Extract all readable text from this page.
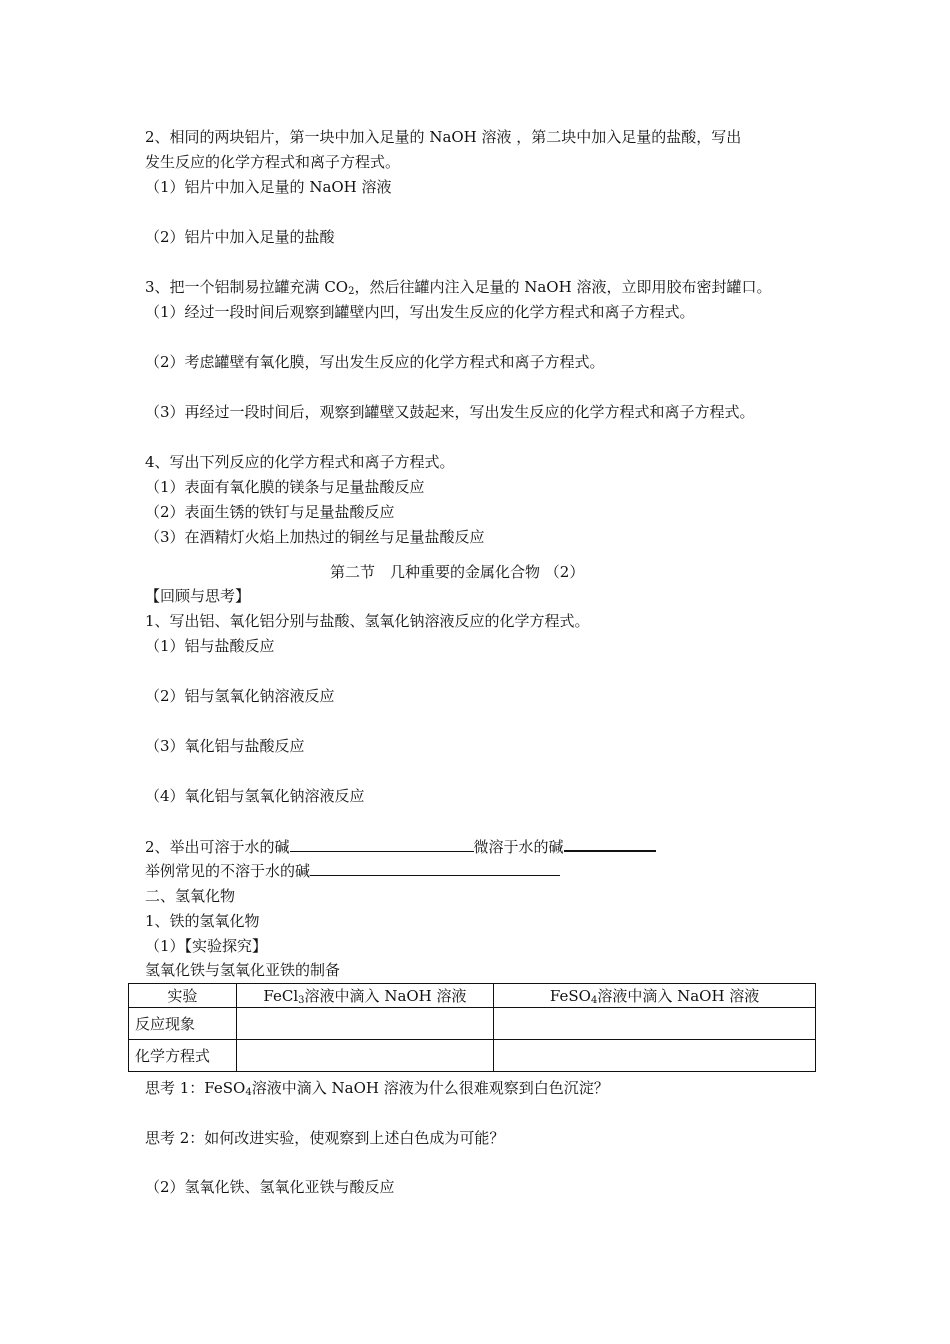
2、相同的两块铝片，第一块中加入足量的 NaOH 溶液 ，第二块中加入足量的盐酸，写出
发生反应的化学方程式和离子方程式。
（1）铝片中加入足量的 NaOH 溶液
（2）铝片中加入足量的盐酸
3、把一个铝制易拉罐充满 $CO_2$，然后往罐内注入足量的 NaOH 溶液，立即用胶布密封罐口。
（1）经过一段时间后观察到罐壁内凹，写出发生反应的化学方程式和离子方程式。
（2）考虑罐壁有氧化膜，写出发生反应的化学方程式和离子方程式。
（3）再经过一段时间后，观察到罐壁又鼓起来，写出发生反应的化学方程式和离子方程式。
4、写出下列反应的化学方程式和离子方程式。
（1）表面有氧化膜的镁条与足量盐酸反应
（2）表面生锈的铁钉与足量盐酸反应
（3）在酒精灯火焰上加热过的铜丝与足量盐酸反应
第二节　几种重要的金属化合物 （2）
【回顾与思考】
1、写出铝、氧化铝分别与盐酸、氢氧化钠溶液反应的化学方程式。
（1）铝与盐酸反应
（2）铝与氢氧化钠溶液反应
（3）氧化铝与盐酸反应
（4）氧化铝与氢氧化钠溶液反应
2、举出可溶于水的碱	微溶于水的碱
举例常见的不溶于水的碱
二、氢氧化物
1、铁的氢氧化物
（1）【实验探究】
氢氧化铁与氢氧化亚铁的制备
实验	FeCl$_3$溶液中滴入 NaOH 溶液	FeSO$_4$溶液中滴入 NaOH 溶液
反应现象		
化学方程式		
思考 1：FeSO$_4$溶液中滴入 NaOH 溶液为什么很难观察到白色沉淀？
思考 2：如何改进实验，使观察到上述白色成为可能？
（2）氢氧化铁、氢氧化亚铁与酸反应
